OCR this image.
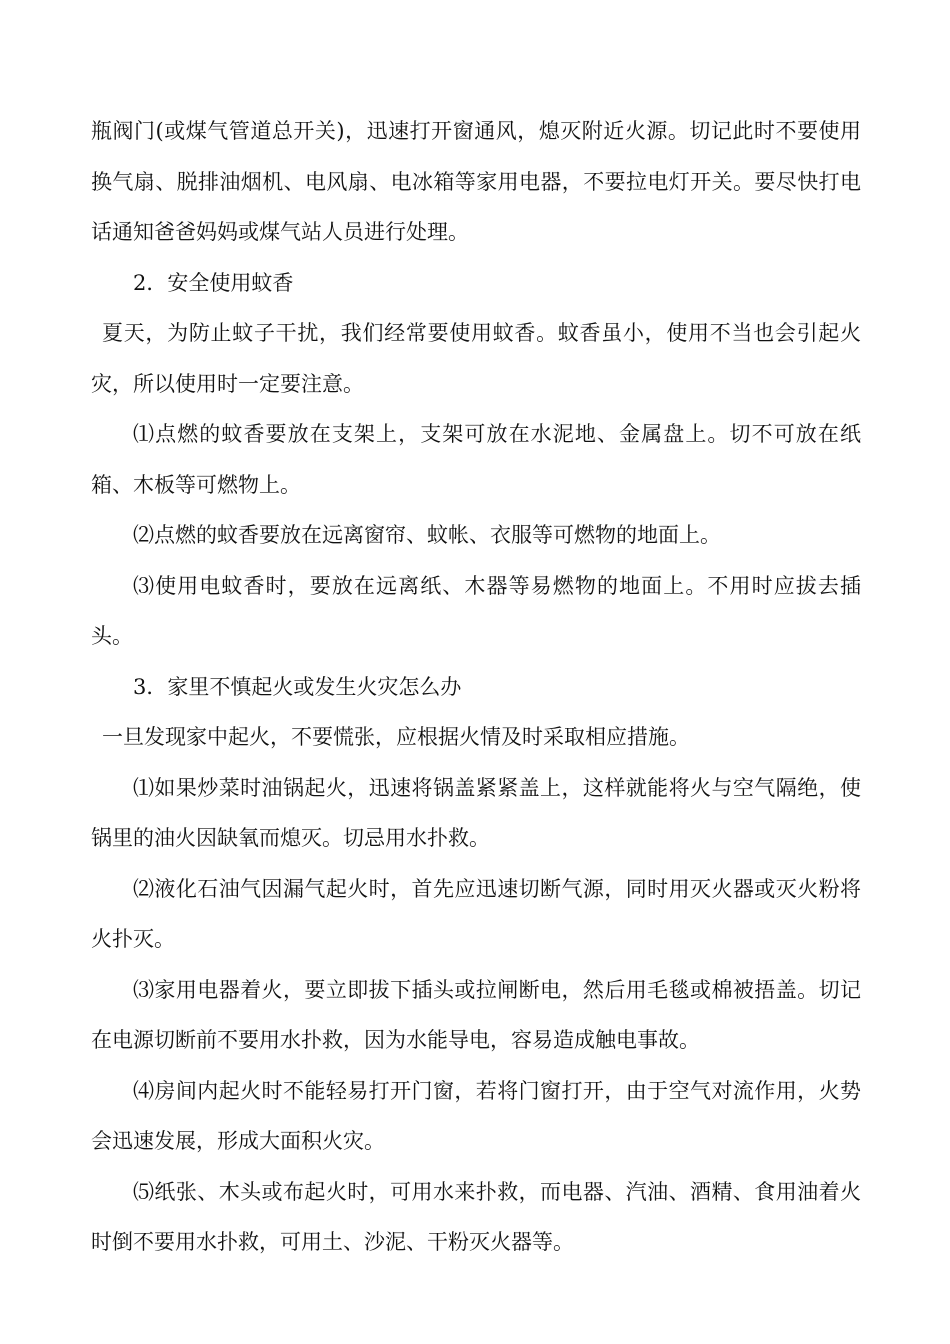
瓶阀门(或煤气管道总开关)，迅速打开窗通风，熄灭附近火源。切记此时不要使用换气扇、脱排油烟机、电风扇、电冰箱等家用电器，不要拉电灯开关。要尽快打电话通知爸爸妈妈或煤气站人员进行处理。

2．安全使用蚊香

夏天，为防止蚊子干扰，我们经常要使用蚊香。蚊香虽小，使用不当也会引起火灾，所以使用时一定要注意。

⑴点燃的蚊香要放在支架上，支架可放在水泥地、金属盘上。切不可放在纸箱、木板等可燃物上。

⑵点燃的蚊香要放在远离窗帘、蚊帐、衣服等可燃物的地面上。

⑶使用电蚊香时，要放在远离纸、木器等易燃物的地面上。不用时应拔去插头。

3．家里不慎起火或发生火灾怎么办

一旦发现家中起火，不要慌张，应根据火情及时采取相应措施。

⑴如果炒菜时油锅起火，迅速将锅盖紧紧盖上，这样就能将火与空气隔绝，使锅里的油火因缺氧而熄灭。切忌用水扑救。

⑵液化石油气因漏气起火时，首先应迅速切断气源，同时用灭火器或灭火粉将火扑灭。

⑶家用电器着火，要立即拔下插头或拉闸断电，然后用毛毯或棉被捂盖。切记在电源切断前不要用水扑救，因为水能导电，容易造成触电事故。

⑷房间内起火时不能轻易打开门窗，若将门窗打开，由于空气对流作用，火势会迅速发展，形成大面积火灾。

⑸纸张、木头或布起火时，可用水来扑救，而电器、汽油、酒精、食用油着火时倒不要用水扑救，可用土、沙泥、干粉灭火器等。
